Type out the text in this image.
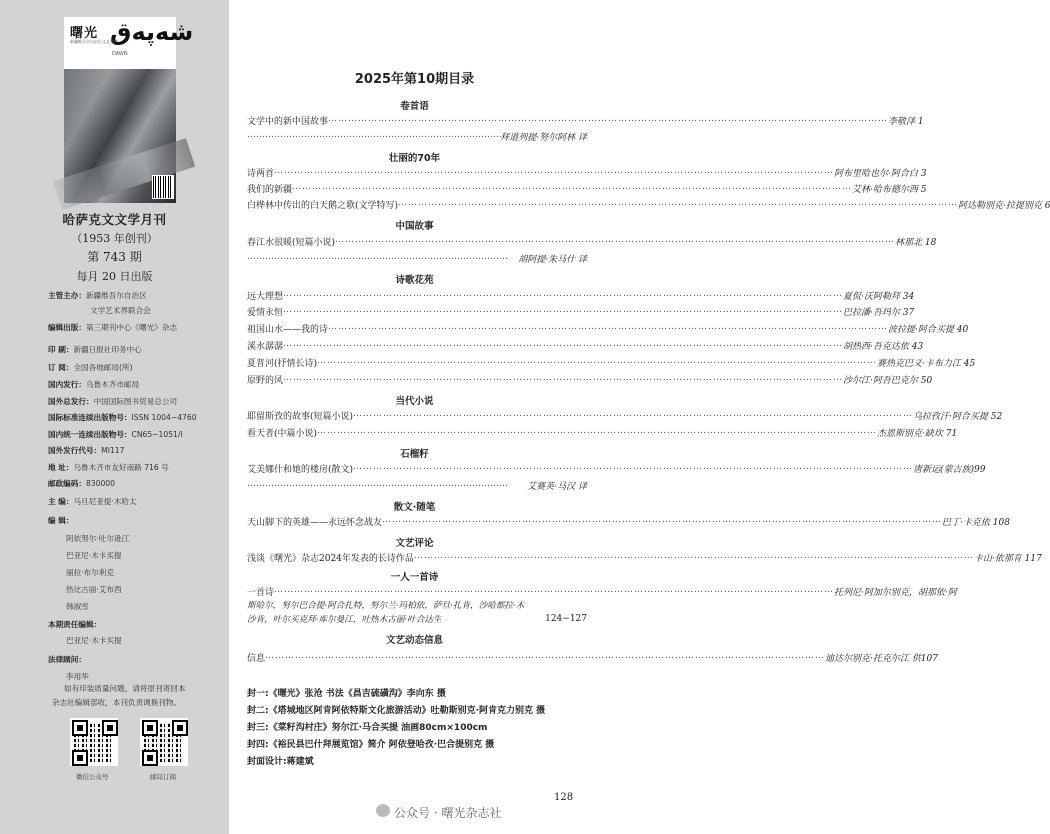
曙光 شەپەق
新疆维吾尔自治区文艺刊物
DAWN
哈萨克文文学月刊
（1953 年创刊）
第 743 期
每月 20 日出版
主管主办：新疆维吾尔自治区
文学艺术界联合会
编辑出版：第三期刊中心《曙光》杂志
印 刷：新疆日报社印务中心
订 阅：全国各地邮局(所)
国内发行：乌鲁木齐市邮局
国外总发行：中国国际图书贸易总公司
国际标准连续出版物号：ISSN 1004−4760
国内统一连续出版物号：CN65−1051/I
国外发行代号：MI117
地 址：乌鲁木齐市友好南路 716 号
邮政编码：830000
主 编：马旦尼亚提·木哈太
编 辑：
阿依努尔·吐尔逊江
巴亚尼·木卡买提
丽拉·布尔利克
热比古丽·艾布西
韩淑雪
本期责任编辑：
巴亚尼·木卡买提
法律顾问：
李用华
如有印装质量问题，请将原刊寄回本
杂志社编辑部收，本刊负责调换刊物。
微信公众号	邮局订阅
2025年第10期目录
卷首语
文学中的新中国故事 ……………………………………………………………………………………………………………………………………………………	李敬泽 1
……………………………………………………………………………
拜道列提·努尔阿林 译
壮丽的70年
诗两首 ……………………………………………………………………………………………………………………………………………………	阿布里哈也尔·阿合白 3
我们的新疆 ……………………………………………………………………………………………………………………………………………………	艾林·哈布德尔西 5
白桦林中传出的白天鹅之歌(文学特写) ……………………………………………………………………………………………………………………………………………………	阿达勒别克·拉提别克 6
中国故事
春江水很暖(短篇小说) ……………………………………………………………………………………………………………………………………………………	林那北 18
……………………………………………………………………………	胡阿提·朱马什 译
诗歌花苑
远大理想 ……………………………………………………………………………………………………………………………………………………	夏侃·沃阿勒拜 34
爱情永恒 ……………………………………………………………………………………………………………………………………………………	巴拉潘·吾玛尔 37
祖国山水——我的诗 ……………………………………………………………………………………………………………………………………………………	波拉提·阿合买提 40
溪水潺潺 ……………………………………………………………………………………………………………………………………………………	胡热西·吾克达依 43
夏普河(抒情长诗) ……………………………………………………………………………………………………………………………………………………	赛热克巴义·卡布力江 45
原野的风 ……………………………………………………………………………………………………………………………………………………	沙尔江·阿吾巴克尔 50
当代小说
耶留斯孜的故事(短篇小说) ……………………………………………………………………………………………………………………………………………………	乌拉孜汗·阿合买提 52
看天者(中篇小说) ……………………………………………………………………………………………………………………………………………………	杰恩斯别克·缺坎 71
石榴籽
艾美娜什和她的楼房(散文) ……………………………………………………………………………………………………………………………………………………	唐新运(蒙古族)99
……………………………………………………………………………	艾赛英·马汉 译
散文·随笔
天山脚下的英雄——永远怀念战友 ……………………………………………………………………………………………………………………………………………………	巴丁·卡克依 108
文艺评论
浅谈《曙光》杂志2024年发表的长诗作品 ……………………………………………………………………………………………………………………………………………………	卡山·依那肯 117
一人一首诗
一首诗 ……………………………………………………………………………………………………………………………………………………	托列尼·阿加尔别克，胡那依·阿
斯哈尔，努尔巴合提·阿合扎特，努尔兰·玛柏依，萨旦·扎肯，沙哈都拉·木
沙肯，叶尔买克拜·库尔曼江，吐热木古丽·叶合达生	124−127
文艺动态信息
信息 ……………………………………………………………………………………………………………………………………………………	迪达尔别克·托克尔江 供107
封一:《曙光》张沧 书法《昌吉硫磺沟》李向东 摄
封二:《塔城地区阿肯阿依特斯文化旅游活动》吐勒斯别克·阿肯克力别克 摄
封三:《菜籽沟村庄》努尔江·马合买提 油画80cm×100cm
封四:《裕民县巴什拜展览馆》简介 阿依登哈孜·巴合提别克 摄
封面设计:蒋建斌
128
公众号 · 曙光杂志社
